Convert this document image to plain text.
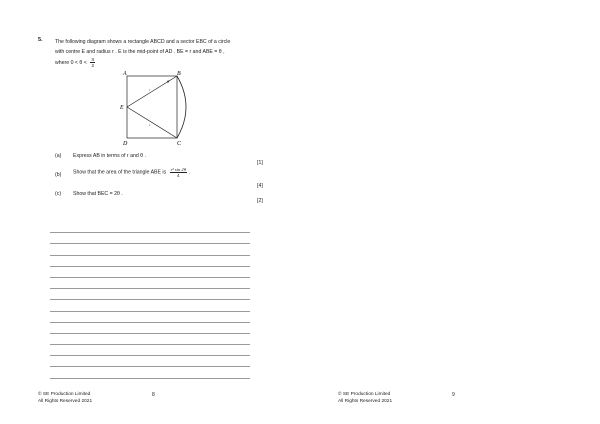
5. The following diagram shows a rectangle ABCD and a sector EBC of a circle
with centre E and radius r . E is the mid-point of AD . BE = r and ABE = θ ,
where $0 < \theta < \frac{\pi}{2}$
A	B
C
D
E
θ
r
r
(a) Express AB in terms of r and θ .
[1]
(b) Show that the area of the triangle ABE is $\frac{\text{r² sin 2θ}}{4}$ .
[4]
(c) Show that BEC = 2θ .
[2]
© SE Production Limited
All Rights Reserved 2021
8	© SE Production Limited
All Rights Reserved 2021
9
